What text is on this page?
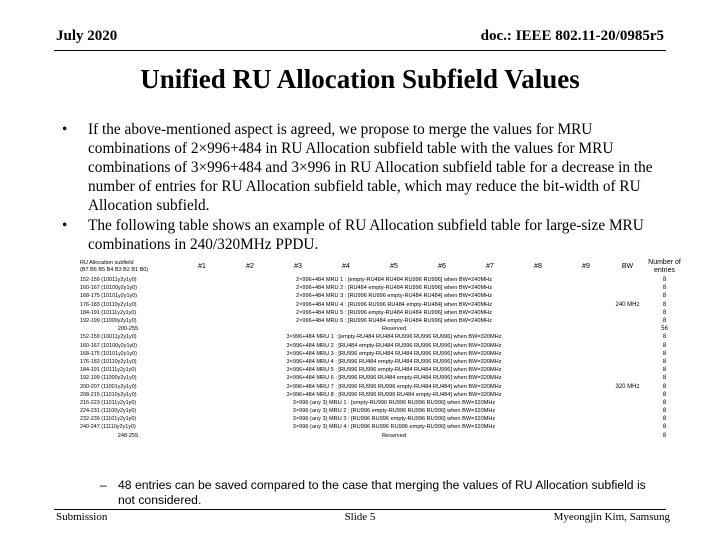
July 2020	doc.: IEEE 802.11-20/0985r5
Unified RU Allocation Subfield Values
• If the above-mentioned aspect is agreed, we propose to merge the values for MRU combinations of 2×996+484 in RU Allocation subfield table with the values for MRU combinations of 3×996+484 and 3×996 in RU Allocation subfield table for a decrease in the number of entries for RU Allocation subfield table, which may reduce the bit-width of RU Allocation subfield.
• The following table shows an example of RU Allocation subfield table for large-size MRU combinations in 240/320MHz PPDU.
RU Allocation subfield
(B7 B6 B5 B4 B3 B2 B1 B0)	#1	#2	#3	#4	#5	#6	#7	#8	#9	BW	Number of entries
152-159 (10011y2y1y0)	2×996+484 MRU 1 : [empty-RU484 RU484 RU996 RU996] when BW=240MHz									240 MHz	8
160-167 (10100y2y1y0)	2×996+484 MRU 2 : [RU484 empty-RU484 RU996 RU996] when BW=240MHz										8
168-175 (10101y2y1y0)	2×996+484 MRU 3 : [RU996 RU996 empty-RU484 RU484] when BW=240MHz										8
176-183 (10110y2y1y0)	2×996+484 MRU 4 : [RU996 RU996 RU484 empty-RU484] when BW=240MHz										8
184-191 (10111y2y1y0)	2×996+484 MRU 5 : [RU996 empty-RU484 RU484 RU996] when BW=240MHz										8
192-199 (11000y2y1y0)	2×996+484 MRU 6 : [RU996 RU484 empty-RU484 RU996] when BW=240MHz										8
200-255	Reserved										56
152-159 (10011y2y1y0)	3×996+484 MRU 1 : [empty-RU484 RU484 RU996 RU996 RU996] when BW=320MHz									320 MHz	8
160-167 (10100y2y1y0)	3×996+484 MRU 2 : [RU484 empty-RU484 RU996 RU996 RU996] when BW=320MHz										8
168-175 (10101y2y1y0)	3×996+484 MRU 3 : [RU996 empty-RU484 RU484 RU996 RU996] when BW=320MHz										8
176-183 (10110y2y1y0)	3×996+484 MRU 4 : [RU996 RU484 empty-RU484 RU996 RU996] when BW=320MHz										8
184-191 (10111y2y1y0)	3×996+484 MRU 5 : [RU996 RU996 empty-RU484 RU484 RU996] when BW=320MHz										8
192-199 (11000y2y1y0)	3×996+484 MRU 6 : [RU996 RU996 RU484 empty-RU484 RU996] when BW=320MHz										8
200-207 (11001y2y1y0)	3×996+484 MRU 7 : [RU996 RU996 RU996 empty-RU484 RU484] when BW=320MHz										8
208-215 (11010y2y1y0)	3×996+484 MRU 8 : [RU996 RU996 RU996 RU484 empty-RU484] when BW=320MHz										8
216-223 (11011y2y1y0)	3×996 (any 3) MRU 1 : [empty-RU996 RU996 RU996 RU996] when BW=320MHz										8
224-231 (11100y2y1y0)	3×996 (any 3) MRU 2 : [RU996 empty-RU996 RU996 RU996] when BW=320MHz										8
232-239 (11101y2y1y0)	3×996 (any 3) MRU 3 : [RU996 RU996 empty-RU996 RU996] when BW=320MHz										8
240-247 (11110y2y1y0)	3×996 (any 3) MRU 4 : [RU996 RU996 RU996 empty-RU996] when BW=320MHz										8
248-255	Reserved										8
– 48 entries can be saved compared to the case that merging the values of RU Allocation subfield is not considered.
Submission	Slide 5	Myeongjin Kim, Samsung
